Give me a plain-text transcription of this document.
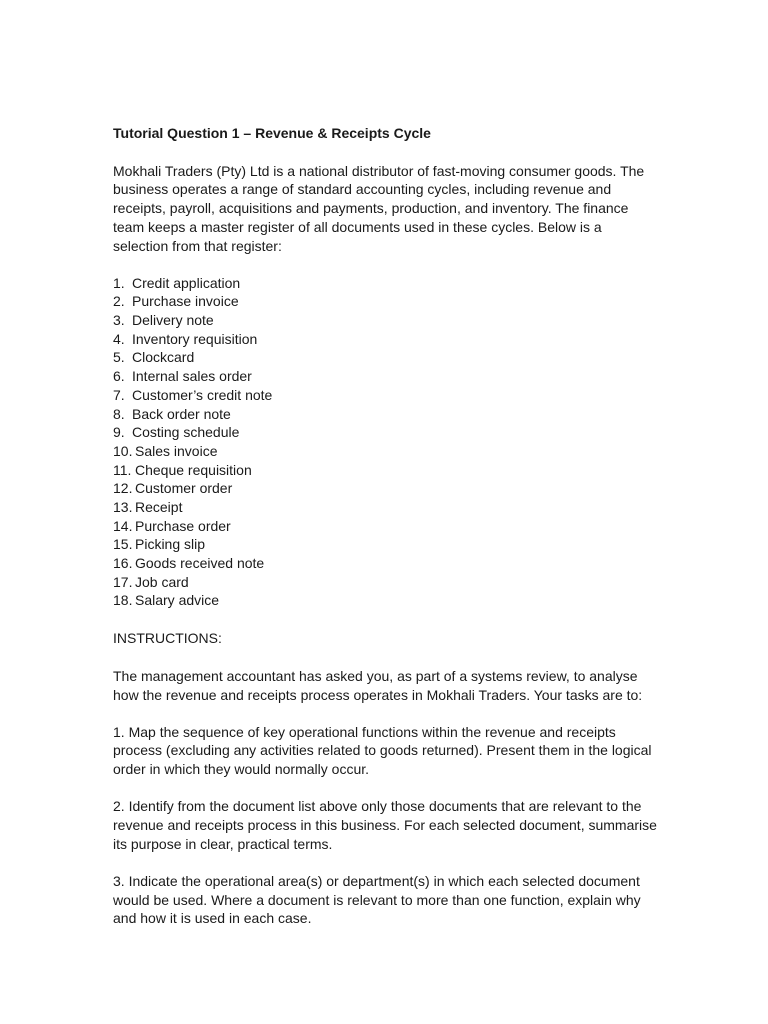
Tutorial Question 1 – Revenue & Receipts Cycle

Mokhali Traders (Pty) Ltd is a national distributor of fast-moving consumer goods. The business operates a range of standard accounting cycles, including revenue and receipts, payroll, acquisitions and payments, production, and inventory. The finance team keeps a master register of all documents used in these cycles. Below is a selection from that register:

1. Credit application
2. Purchase invoice
3. Delivery note
4. Inventory requisition
5. Clockcard
6. Internal sales order
7. Customer’s credit note
8. Back order note
9. Costing schedule
10. Sales invoice
11. Cheque requisition
12. Customer order
13. Receipt
14. Purchase order
15. Picking slip
16. Goods received note
17. Job card
18. Salary advice
INSTRUCTIONS:

The management accountant has asked you, as part of a systems review, to analyse how the revenue and receipts process operates in Mokhali Traders. Your tasks are to:

1. Map the sequence of key operational functions within the revenue and receipts process (excluding any activities related to goods returned). Present them in the logical order in which they would normally occur.

2. Identify from the document list above only those documents that are relevant to the revenue and receipts process in this business. For each selected document, summarise its purpose in clear, practical terms.

3. Indicate the operational area(s) or department(s) in which each selected document would be used. Where a document is relevant to more than one function, explain why and how it is used in each case.
